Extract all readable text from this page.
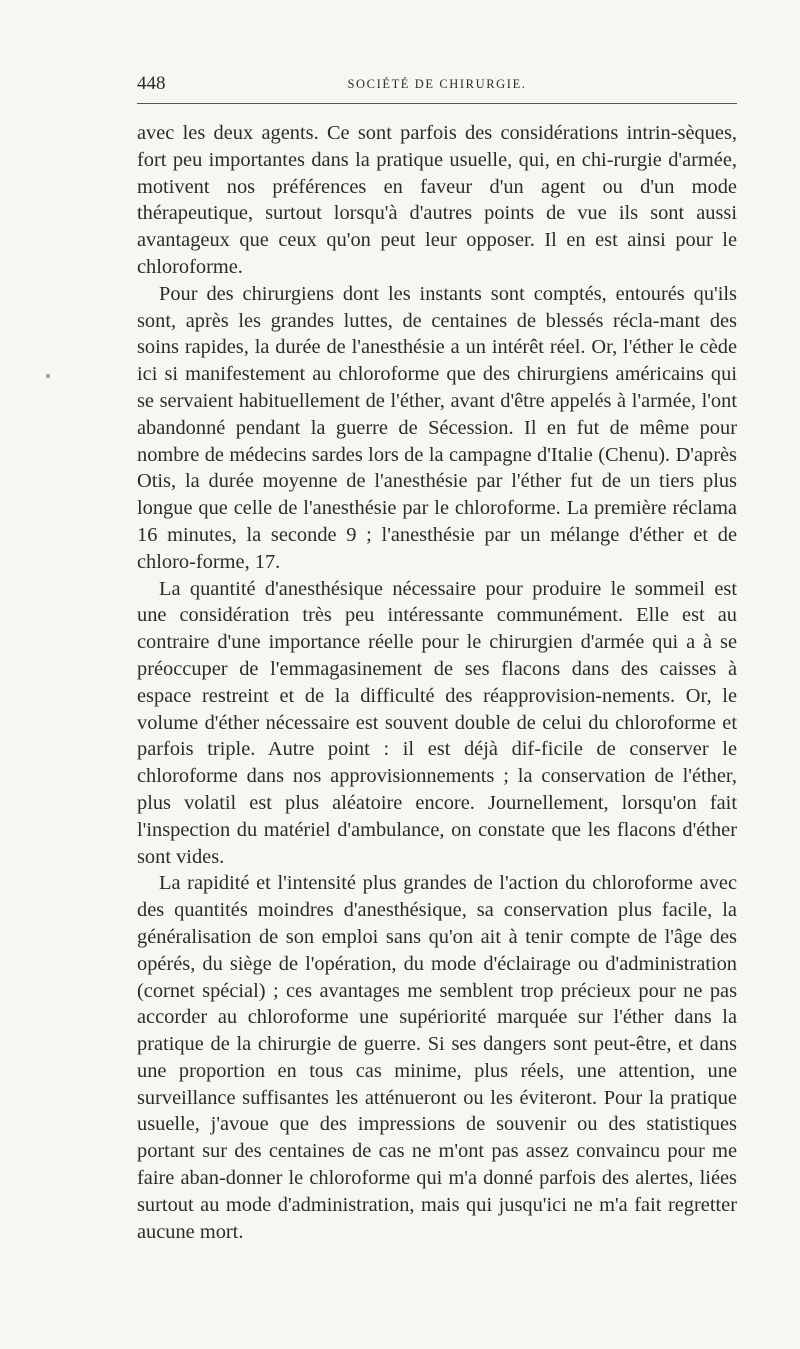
448	SOCIÉTÉ DE CHIRURGIE.

avec les deux agents. Ce sont parfois des considérations intrin-sèques, fort peu importantes dans la pratique usuelle, qui, en chi-rurgie d'armée, motivent nos préférences en faveur d'un agent ou d'un mode thérapeutique, surtout lorsqu'à d'autres points de vue ils sont aussi avantageux que ceux qu'on peut leur opposer. Il en est ainsi pour le chloroforme.

Pour des chirurgiens dont les instants sont comptés, entourés qu'ils sont, après les grandes luttes, de centaines de blessés récla-mant des soins rapides, la durée de l'anesthésie a un intérêt réel. Or, l'éther le cède ici si manifestement au chloroforme que des chirurgiens américains qui se servaient habituellement de l'éther, avant d'être appelés à l'armée, l'ont abandonné pendant la guerre de Sécession. Il en fut de même pour nombre de médecins sardes lors de la campagne d'Italie (Chenu). D'après Otis, la durée moyenne de l'anesthésie par l'éther fut de un tiers plus longue que celle de l'anesthésie par le chloroforme. La première réclama 16 minutes, la seconde 9 ; l'anesthésie par un mélange d'éther et de chloro-forme, 17.

La quantité d'anesthésique nécessaire pour produire le sommeil est une considération très peu intéressante communément. Elle est au contraire d'une importance réelle pour le chirurgien d'armée qui a à se préoccuper de l'emmagasinement de ses flacons dans des caisses à espace restreint et de la difficulté des réapprovision-nements. Or, le volume d'éther nécessaire est souvent double de celui du chloroforme et parfois triple. Autre point : il est déjà dif-ficile de conserver le chloroforme dans nos approvisionnements ; la conservation de l'éther, plus volatil est plus aléatoire encore. Journellement, lorsqu'on fait l'inspection du matériel d'ambulance, on constate que les flacons d'éther sont vides.

La rapidité et l'intensité plus grandes de l'action du chloroforme avec des quantités moindres d'anesthésique, sa conservation plus facile, la généralisation de son emploi sans qu'on ait à tenir compte de l'âge des opérés, du siège de l'opération, du mode d'éclairage ou d'administration (cornet spécial) ; ces avantages me semblent trop précieux pour ne pas accorder au chloroforme une supériorité marquée sur l'éther dans la pratique de la chirurgie de guerre. Si ses dangers sont peut-être, et dans une proportion en tous cas minime, plus réels, une attention, une surveillance suffisantes les atténueront ou les éviteront. Pour la pratique usuelle, j'avoue que des impressions de souvenir ou des statistiques portant sur des centaines de cas ne m'ont pas assez convaincu pour me faire aban-donner le chloroforme qui m'a donné parfois des alertes, liées surtout au mode d'administration, mais qui jusqu'ici ne m'a fait regretter aucune mort.
